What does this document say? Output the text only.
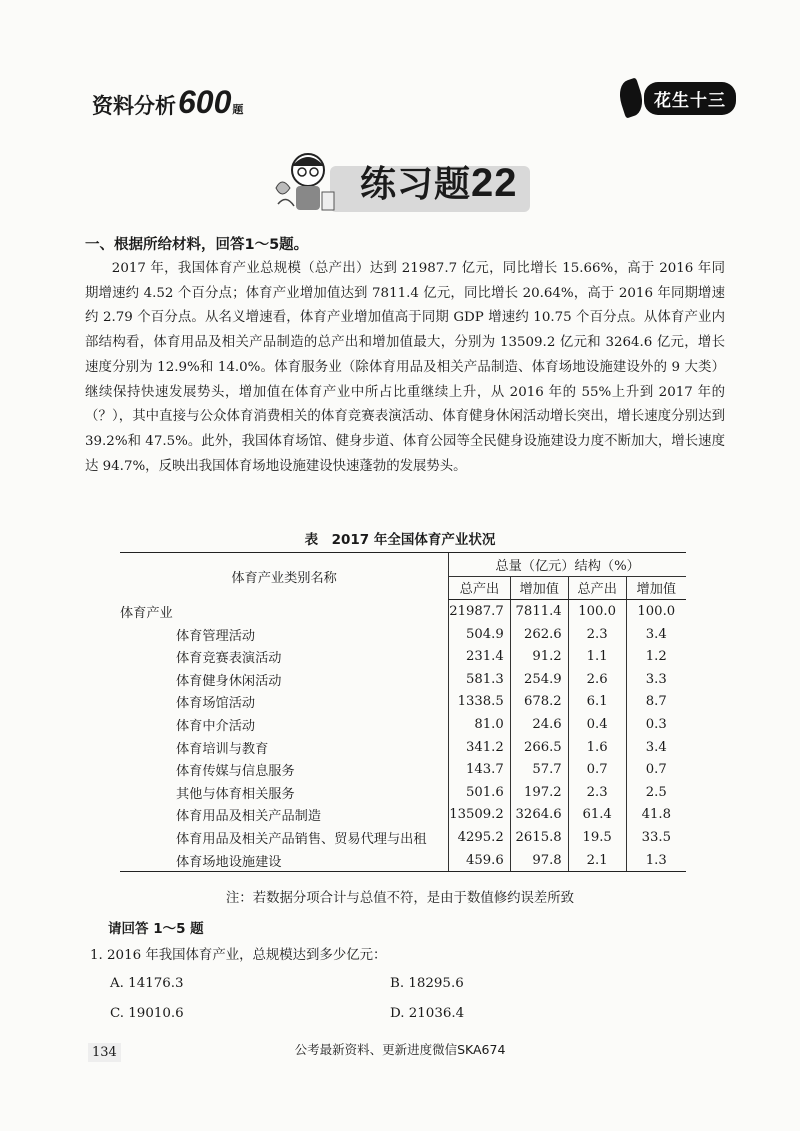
资料分析 600 题	花生十三
练习题22
一、根据所给材料，回答1～5题。
2017 年，我国体育产业总规模（总产出）达到 21987.7 亿元，同比增长 15.66%，高于 2016 年同期增速约 4.52 个百分点；体育产业增加值达到 7811.4 亿元，同比增长 20.64%，高于 2016 年同期增速约 2.79 个百分点。从名义增速看，体育产业增加值高于同期 GDP 增速约 10.75 个百分点。从体育产业内部结构看，体育用品及相关产品制造的总产出和增加值最大，分别为 13509.2 亿元和 3264.6 亿元，增长速度分别为 12.9%和 14.0%。体育服务业（除体育用品及相关产品制造、体育场地设施建设外的 9 大类）继续保持快速发展势头，增加值在体育产业中所占比重继续上升，从 2016 年的 55%上升到 2017 年的（？），其中直接与公众体育消费相关的体育竞赛表演活动、体育健身休闲活动增长突出，增长速度分别达到 39.2%和 47.5%。此外，我国体育场馆、健身步道、体育公园等全民健身设施建设力度不断加大，增长速度达 94.7%，反映出我国体育场地设施建设快速蓬勃的发展势头。
表　2017 年全国体育产业状况
体育产业类别名称	总量（亿元）结构（%）			
	总产出	增加值	总产出	增加值
体育产业	21987.7	7811.4	100.0	100.0
体育管理活动	504.9	262.6	2.3	3.4
体育竞赛表演活动	231.4	91.2	1.1	1.2
体育健身休闲活动	581.3	254.9	2.6	3.3
体育场馆活动	1338.5	678.2	6.1	8.7
体育中介活动	81.0	24.6	0.4	0.3
体育培训与教育	341.2	266.5	1.6	3.4
体育传媒与信息服务	143.7	57.7	0.7	0.7
其他与体育相关服务	501.6	197.2	2.3	2.5
体育用品及相关产品制造	13509.2	3264.6	61.4	41.8
体育用品及相关产品销售、贸易代理与出租	4295.2	2615.8	19.5	33.5
体育场地设施建设	459.6	97.8	2.1	1.3
注：若数据分项合计与总值不符，是由于数值修约误差所致
请回答 1～5 题
1. 2016 年我国体育产业，总规模达到多少亿元：
A. 14176.3	B. 18295.6
C. 19010.6	D. 21036.4
134	公考最新资料、更新进度微信SKA674
